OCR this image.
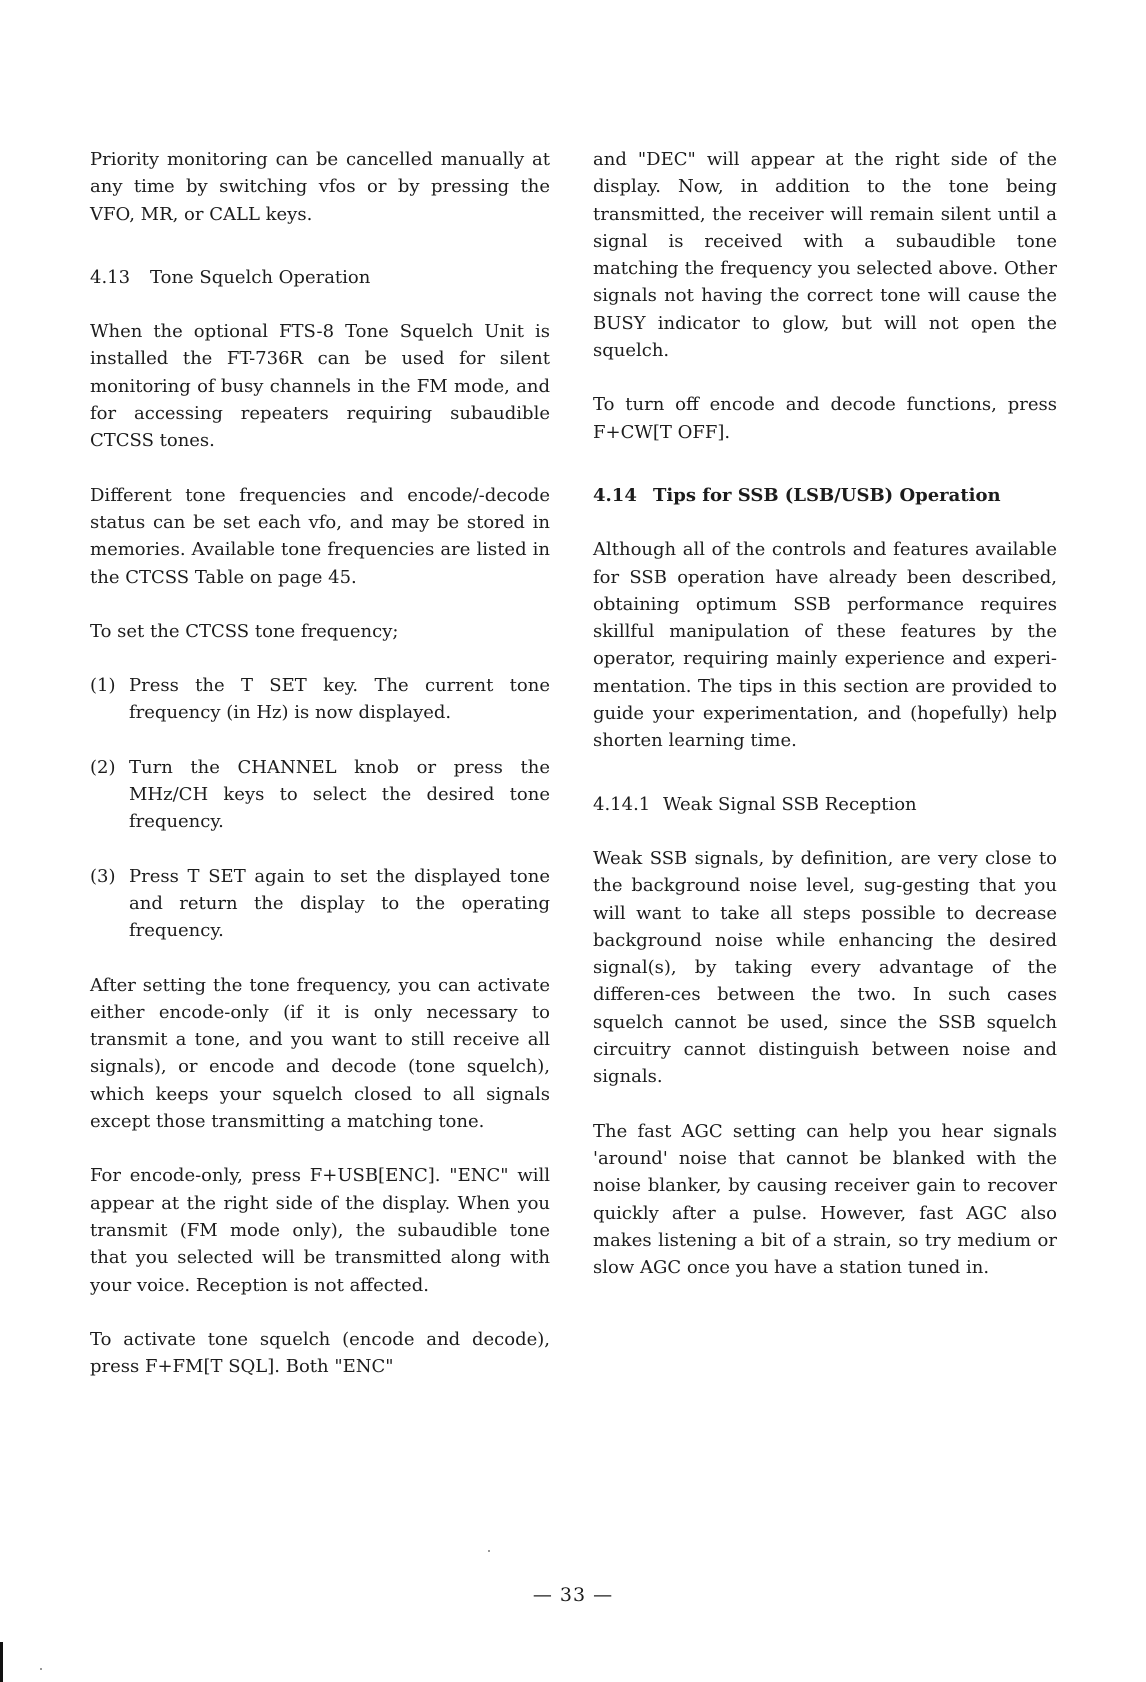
Priority monitoring can be cancelled manually at any time by switching vfos or by pressing the VFO, MR, or CALL keys.

4.13 Tone Squelch Operation

When the optional FTS-8 Tone Squelch Unit is installed the FT-736R can be used for silent monitoring of busy channels in the FM mode, and for accessing repeaters requiring subaudible CTCSS tones.

Different tone frequencies and encode/-decode status can be set each vfo, and may be stored in memories. Available tone frequencies are listed in the CTCSS Table on page 45.

To set the CTCSS tone frequency;

(1) Press the T SET key. The current tone frequency (in Hz) is now displayed.
(2) Turn the CHANNEL knob or press the MHz/CH keys to select the desired tone frequency.
(3) Press T SET again to set the displayed tone and return the display to the operating frequency.

After setting the tone frequency, you can activate either encode-only (if it is only necessary to transmit a tone, and you want to still receive all signals), or encode and decode (tone squelch), which keeps your squelch closed to all signals except those transmitting a matching tone.

For encode-only, press F+USB[ENC]. "ENC" will appear at the right side of the display. When you transmit (FM mode only), the subaudible tone that you selected will be transmitted along with your voice. Reception is not affected.

To activate tone squelch (encode and decode), press F+FM[T SQL]. Both "ENC"

and "DEC" will appear at the right side of the display. Now, in addition to the tone being transmitted, the receiver will remain silent until a signal is received with a subaudible tone matching the frequency you selected above. Other signals not having the correct tone will cause the BUSY indicator to glow, but will not open the squelch.

To turn off encode and decode functions, press F+CW[T OFF].

4.14 Tips for SSB (LSB/USB) Operation

Although all of the controls and features available for SSB operation have already been described, obtaining optimum SSB performance requires skillful manipulation of these features by the operator, requiring mainly experience and experi-mentation. The tips in this section are provided to guide your experimentation, and (hopefully) help shorten learning time.

4.14.1 Weak Signal SSB Reception

Weak SSB signals, by definition, are very close to the background noise level, sug-gesting that you will want to take all steps possible to decrease background noise while enhancing the desired signal(s), by taking every advantage of the differen-ces between the two. In such cases squelch cannot be used, since the SSB squelch circuitry cannot distinguish between noise and signals.

The fast AGC setting can help you hear signals 'around' noise that cannot be blanked with the noise blanker, by causing receiver gain to recover quickly after a pulse. However, fast AGC also makes listening a bit of a strain, so try medium or slow AGC once you have a station tuned in.

— 33 —
